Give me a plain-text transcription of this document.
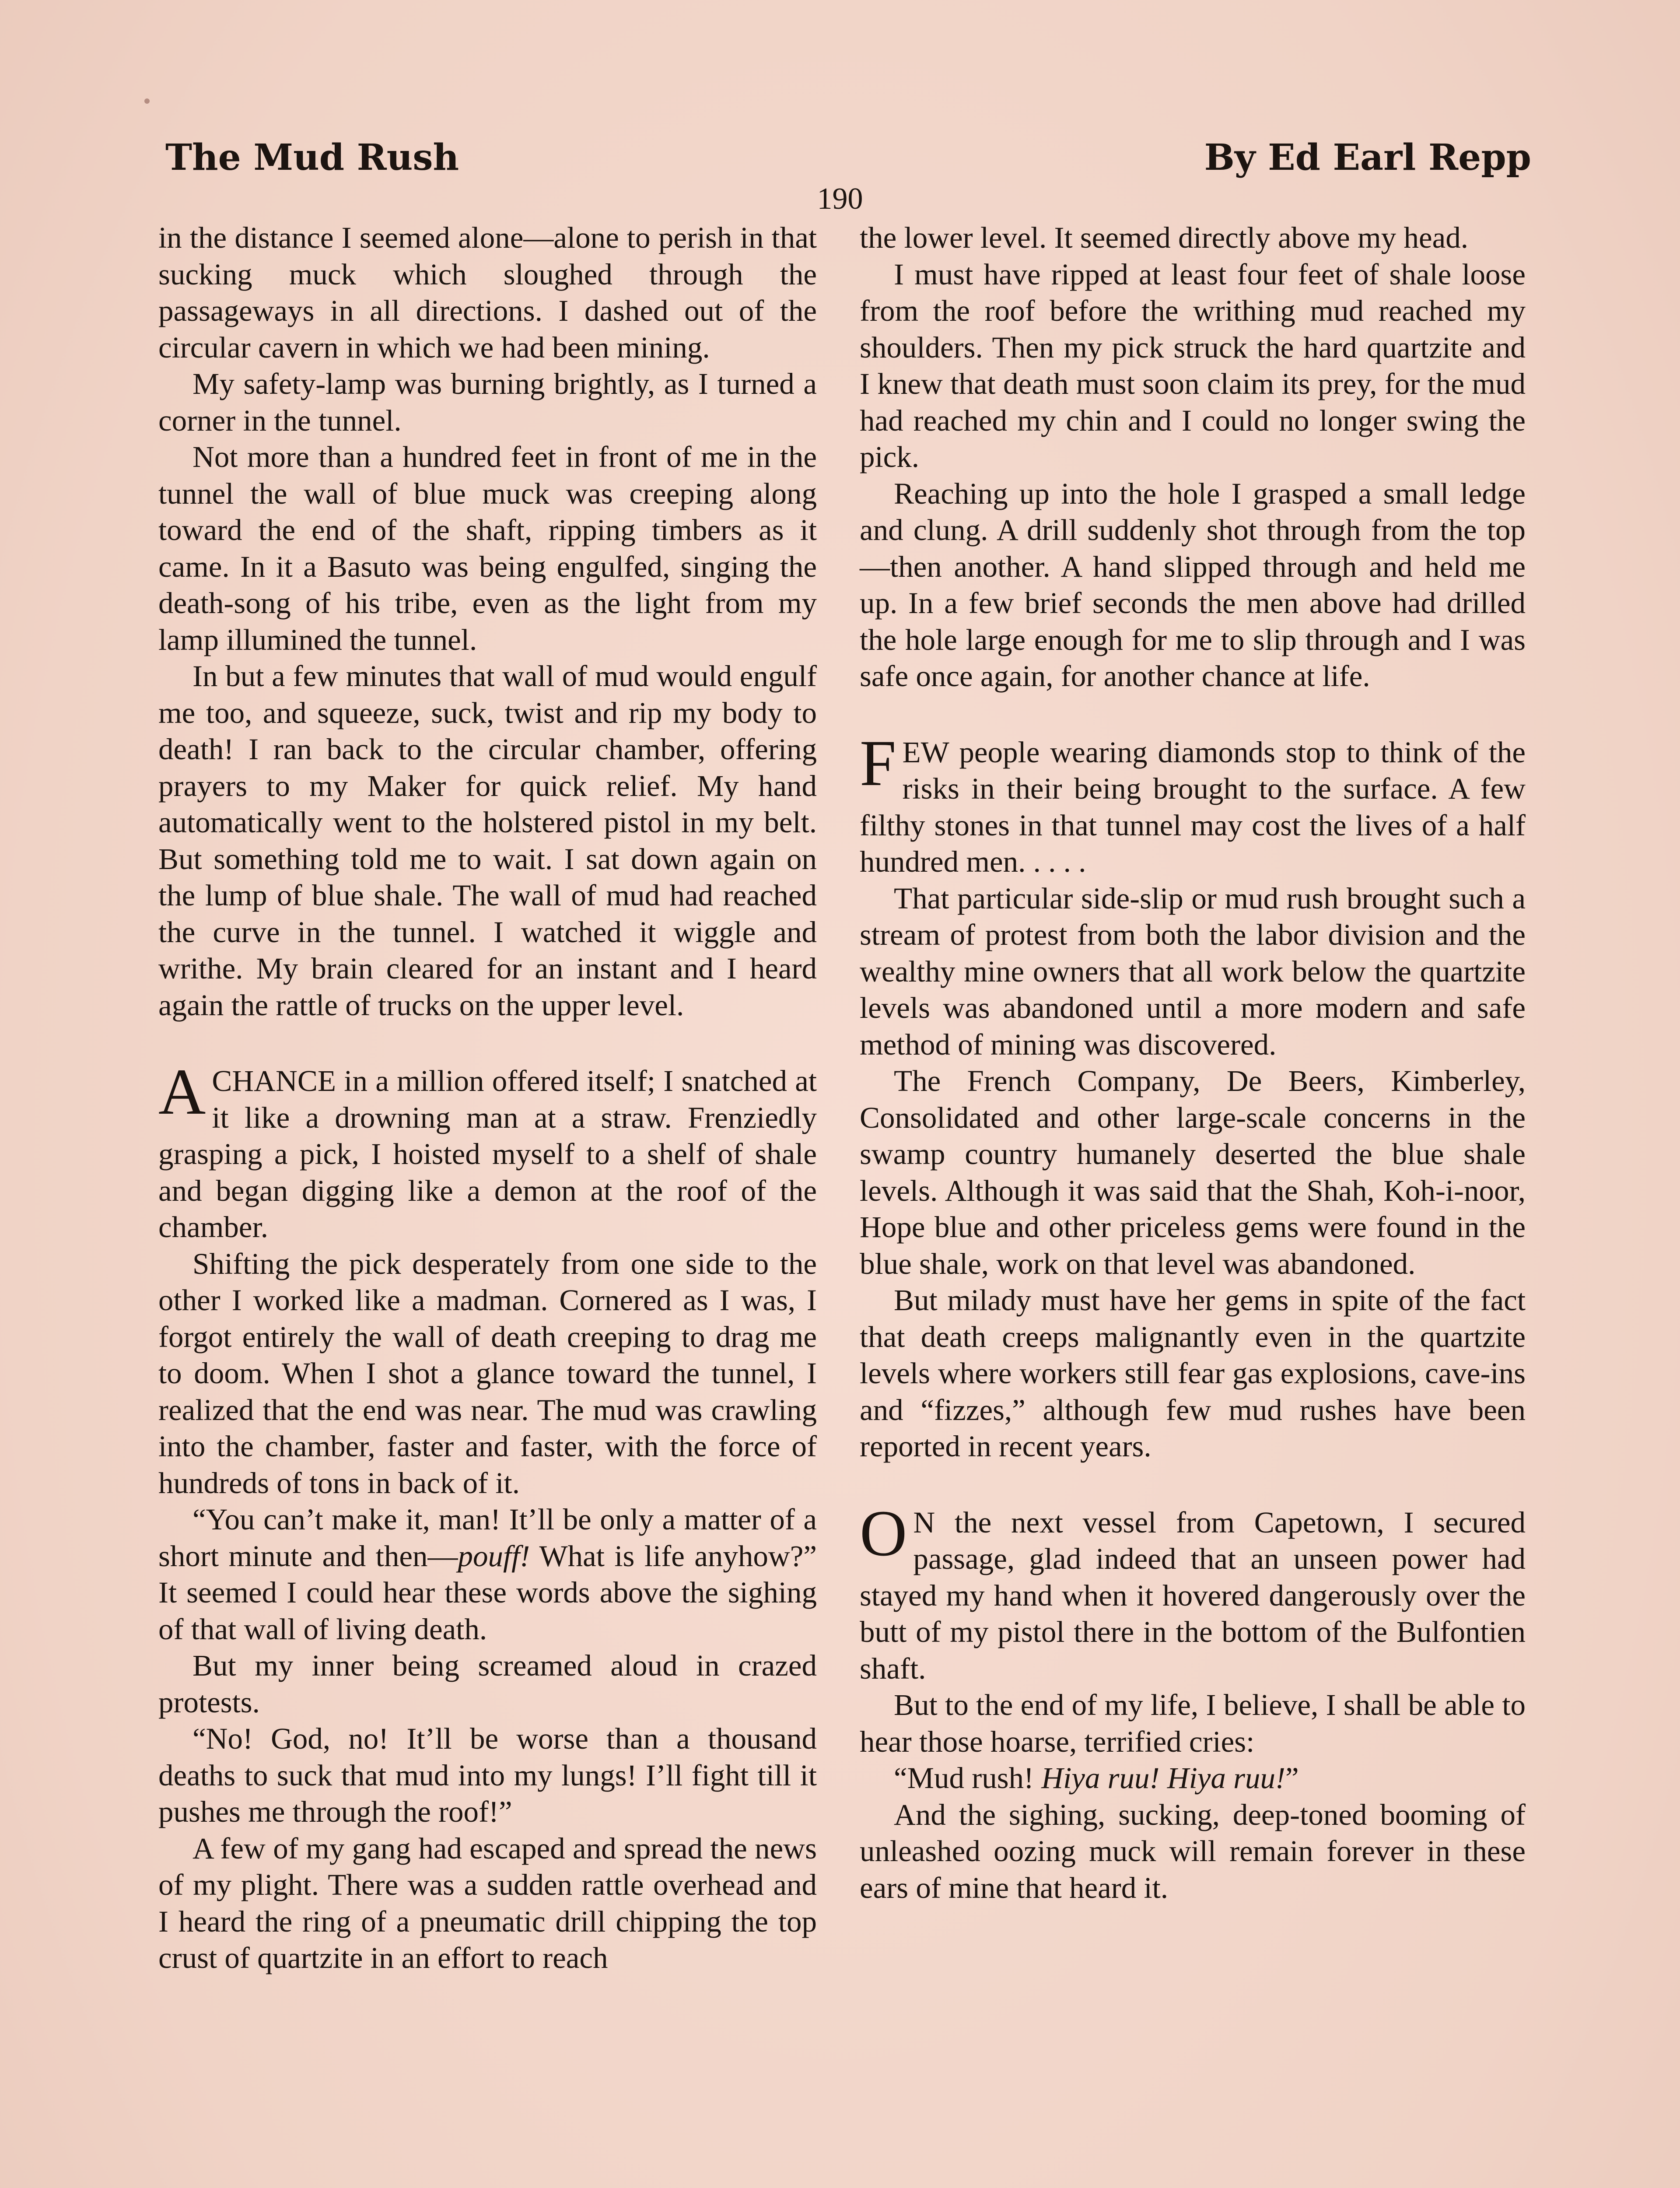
The Mud Rush	By Ed Earl Repp
190

in the distance I seemed alone—alone to perish in that sucking muck which sloughed through the passageways in all directions. I dashed out of the circular cavern in which we had been mining.

My safety-lamp was burning brightly, as I turned a corner in the tunnel.

Not more than a hundred feet in front of me in the tunnel the wall of blue muck was creeping along toward the end of the shaft, ripping timbers as it came. In it a Basuto was being engulfed, singing the death-song of his tribe, even as the light from my lamp illumined the tunnel.

In but a few minutes that wall of mud would engulf me too, and squeeze, suck, twist and rip my body to death! I ran back to the circular chamber, offering prayers to my Maker for quick relief. My hand automatically went to the holstered pistol in my belt. But something told me to wait. I sat down again on the lump of blue shale. The wall of mud had reached the curve in the tunnel. I watched it wiggle and writhe. My brain cleared for an instant and I heard again the rattle of trucks on the upper level.

ACHANCE in a million offered itself; I snatched at it like a drowning man at a straw. Frenziedly grasping a pick, I hoisted myself to a shelf of shale and began digging like a demon at the roof of the chamber.

Shifting the pick desperately from one side to the other I worked like a madman. Cornered as I was, I forgot entirely the wall of death creeping to drag me to doom. When I shot a glance toward the tunnel, I realized that the end was near. The mud was crawling into the chamber, faster and faster, with the force of hundreds of tons in back of it.

“You can’t make it, man! It’ll be only a matter of a short minute and then—pouff! What is life anyhow?” It seemed I could hear these words above the sighing of that wall of living death.

But my inner being screamed aloud in crazed protests.

“No! God, no! It’ll be worse than a thousand deaths to suck that mud into my lungs! I’ll fight till it pushes me through the roof!”

A few of my gang had escaped and spread the news of my plight. There was a sudden rattle overhead and I heard the ring of a pneumatic drill chipping the top crust of quartzite in an effort to reach

the lower level. It seemed directly above my head.

I must have ripped at least four feet of shale loose from the roof before the writhing mud reached my shoulders. Then my pick struck the hard quartzite and I knew that death must soon claim its prey, for the mud had reached my chin and I could no longer swing the pick.

Reaching up into the hole I grasped a small ledge and clung. A drill suddenly shot through from the top—then another. A hand slipped through and held me up. In a few brief seconds the men above had drilled the hole large enough for me to slip through and I was safe once again, for another chance at life.

FEW people wearing diamonds stop to think of the risks in their being brought to the surface. A few filthy stones in that tunnel may cost the lives of a half hundred men. . . . .

That particular side-slip or mud rush brought such a stream of protest from both the labor division and the wealthy mine owners that all work below the quartzite levels was abandoned until a more modern and safe method of mining was discovered.

The French Company, De Beers, Kimberley, Consolidated and other large-scale concerns in the swamp country humanely deserted the blue shale levels. Although it was said that the Shah, Koh-i-noor, Hope blue and other priceless gems were found in the blue shale, work on that level was abandoned.

But milady must have her gems in spite of the fact that death creeps malignantly even in the quartzite levels where workers still fear gas explosions, cave-ins and “fizzes,” although few mud rushes have been reported in recent years.

O N the next vessel from Capetown, I secured passage, glad indeed that an unseen power had stayed my hand when it hovered dangerously over the butt of my pistol there in the bottom of the Bulfontien shaft.

But to the end of my life, I believe, I shall be able to hear those hoarse, terrified cries:

“Mud rush! Hiya ruu! Hiya ruu!”

And the sighing, sucking, deep-toned booming of unleashed oozing muck will remain forever in these ears of mine that heard it.
